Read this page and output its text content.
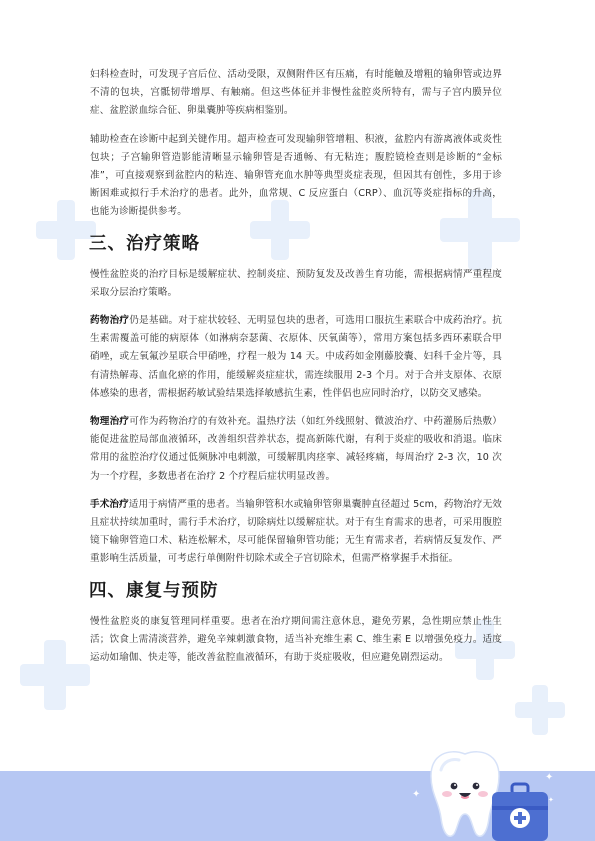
妇科检查时，可发现子宫后位、活动受限，双侧附件区有压痛，有时能触及增粗的输卵管或边界不清的包块，宫骶韧带增厚、有触痛。但这些体征并非慢性盆腔炎所特有，需与子宫内膜异位症、盆腔淤血综合征、卵巢囊肿等疾病相鉴别。

辅助检查在诊断中起到关键作用。超声检查可发现输卵管增粗、积液，盆腔内有游离液体或炎性包块；子宫输卵管造影能清晰显示输卵管是否通畅、有无粘连；腹腔镜检查则是诊断的“金标准”，可直接观察到盆腔内的粘连、输卵管充血水肿等典型炎症表现，但因其有创性，多用于诊断困难或拟行手术治疗的患者。此外，血常规、C 反应蛋白（CRP）、血沉等炎症指标的升高，也能为诊断提供参考。

三、治疗策略

慢性盆腔炎的治疗目标是缓解症状、控制炎症、预防复发及改善生育功能，需根据病情严重程度采取分层治疗策略。

药物治疗仍是基础。对于症状较轻、无明显包块的患者，可选用口服抗生素联合中成药治疗。抗生素需覆盖可能的病原体（如淋病奈瑟菌、衣原体、厌氧菌等），常用方案包括多西环素联合甲硝唑，或左氧氟沙星联合甲硝唑，疗程一般为 14 天。中成药如金刚藤胶囊、妇科千金片等，具有清热解毒、活血化瘀的作用，能缓解炎症症状，需连续服用 2-3 个月。对于合并支原体、衣原体感染的患者，需根据药敏试验结果选择敏感抗生素，性伴侣也应同时治疗，以防交叉感染。

物理治疗可作为药物治疗的有效补充。温热疗法（如红外线照射、微波治疗、中药灌肠后热敷）能促进盆腔局部血液循环，改善组织营养状态，提高新陈代谢，有利于炎症的吸收和消退。临床常用的盆腔治疗仪通过低频脉冲电刺激，可缓解肌肉痉挛、减轻疼痛，每周治疗 2-3 次，10 次为一个疗程，多数患者在治疗 2 个疗程后症状明显改善。

手术治疗适用于病情严重的患者。当输卵管积水或输卵管卵巢囊肿直径超过 5cm，药物治疗无效且症状持续加重时，需行手术治疗，切除病灶以缓解症状。对于有生育需求的患者，可采用腹腔镜下输卵管造口术、粘连松解术，尽可能保留输卵管功能；无生育需求者，若病情反复发作、严重影响生活质量，可考虑行单侧附件切除术或全子宫切除术，但需严格掌握手术指征。

四、康复与预防

慢性盆腔炎的康复管理同样重要。患者在治疗期间需注意休息，避免劳累，急性期应禁止性生活；饮食上需清淡营养，避免辛辣刺激食物，适当补充维生素 C、维生素 E 以增强免疫力。适度运动如瑜伽、快走等，能改善盆腔血液循环，有助于炎症吸收，但应避免剧烈运动。

✦
✦
✦
